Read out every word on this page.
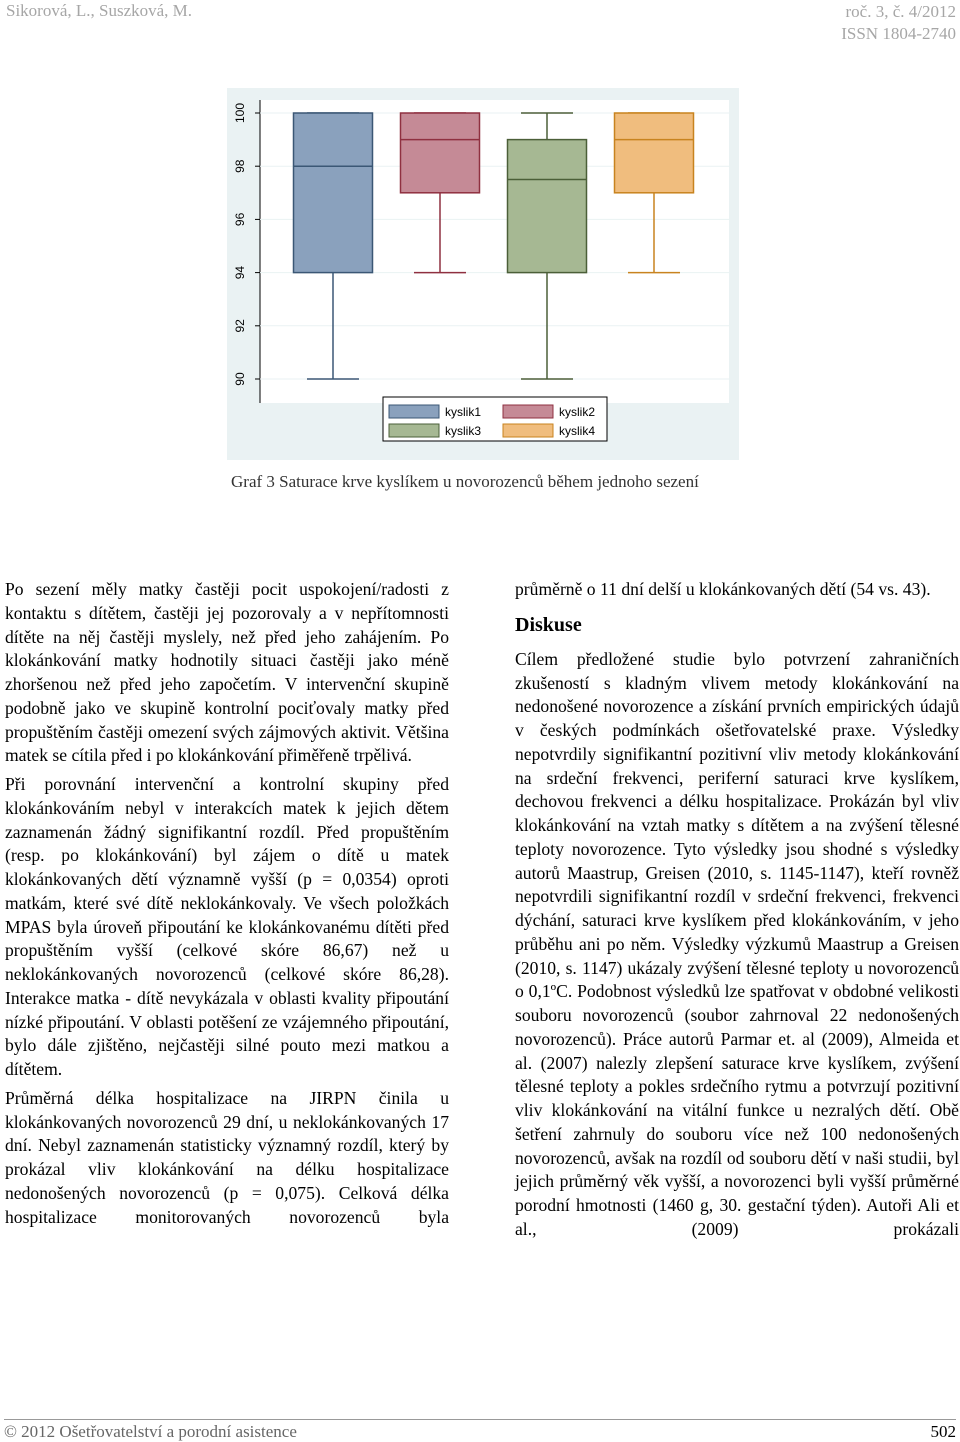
Sikorová, L., Suszková, M.	roč. 3, č. 4/2012
ISSN 1804-2740
90
92
94
96
98
100
kyslik1	kyslik2
kyslik3	kyslik4
Graf 3 Saturace krve kyslíkem u novorozenců během jednoho sezení

Po sezení měly matky častěji pocit uspokojení/radosti z kontaktu s dítětem, častěji jej pozorovaly a v nepřítomnosti dítěte na něj častěji myslely, než před jeho zahájením. Po klokánkování matky hodnotily situaci častěji jako méně zhoršenou než před jeho započetím. V intervenční skupině podobně jako ve skupině kontrolní pociťovaly matky před propuštěním častěji omezení svých zájmových aktivit. Většina matek se cítila před i po klokánkování přiměřeně trpělivá.

Při porovnání intervenční a kontrolní skupiny před klokánkováním nebyl v interakcích matek k jejich dětem zaznamenán žádný signifikantní rozdíl. Před propuštěním (resp. po klokánkování) byl zájem o dítě u matek klokánkovaných dětí významně vyšší (p = 0,0354) oproti matkám, které své dítě neklokánkovaly. Ve všech položkách MPAS byla úroveň připoutání ke klokánkovanému dítěti před propuštěním vyšší (celkové skóre 86,67) než u neklokánkovaných novorozenců (celkové skóre 86,28). Interakce matka - dítě nevykázala v oblasti kvality připoutání nízké připoutání. V oblasti potěšení ze vzájemného připoutání, bylo dále zjištěno, nejčastěji silné pouto mezi matkou a dítětem.

Průměrná délka hospitalizace na JIRPN činila u klokánkovaných novorozenců 29 dní, u neklokánkovaných 17 dní. Nebyl zaznamenán statisticky významný rozdíl, který by prokázal vliv klokánkování na délku hospitalizace nedonošených novorozenců (p = 0,075). Celková délka hospitalizace monitorovaných novorozenců byla

průměrně o 11 dní delší u klokánkovaných dětí (54 vs. 43).

Diskuse

Cílem předložené studie bylo potvrzení zahraničních zkušeností s kladným vlivem metody klokánkování na nedonošené novorozence a získání prvních empirických údajů v českých podmínkách ošetřovatelské praxe. Výsledky nepotvrdily signifikantní pozitivní vliv metody klokánkování na srdeční frekvenci, periferní saturaci krve kyslíkem, dechovou frekvenci a délku hospitalizace. Prokázán byl vliv klokánkování na vztah matky s dítětem a na zvýšení tělesné teploty novorozence. Tyto výsledky jsou shodné s výsledky autorů Maastrup, Greisen (2010, s. 1145-1147), kteří rovněž nepotvrdili signifikantní rozdíl v srdeční frekvenci, frekvenci dýchání, saturaci krve kyslíkem před klokánkováním, v jeho průběhu ani po něm. Výsledky výzkumů Maastrup a Greisen (2010, s. 1147) ukázaly zvýšení tělesné teploty u novorozenců o 0,1ºC. Podobnost výsledků lze spatřovat v obdobné velikosti souboru novorozenců (soubor zahrnoval 22 nedonošených novorozenců). Práce autorů Parmar et. al (2009), Almeida et al. (2007) nalezly zlepšení saturace krve kyslíkem, zvýšení tělesné teploty a pokles srdečního rytmu a potvrzují pozitivní vliv klokánkování na vitální funkce u nezralých dětí. Obě šetření zahrnuly do souboru více než 100 nedonošených novorozenců, avšak na rozdíl od souboru dětí v naši studii, byl jejich průměrný věk vyšší, a novorozenci byli vyšší průměrné porodní hmotnosti (1460 g, 30. gestační týden). Autoři Ali et al., (2009) prokázali

© 2012 Ošetřovatelství a porodní asistence	502
